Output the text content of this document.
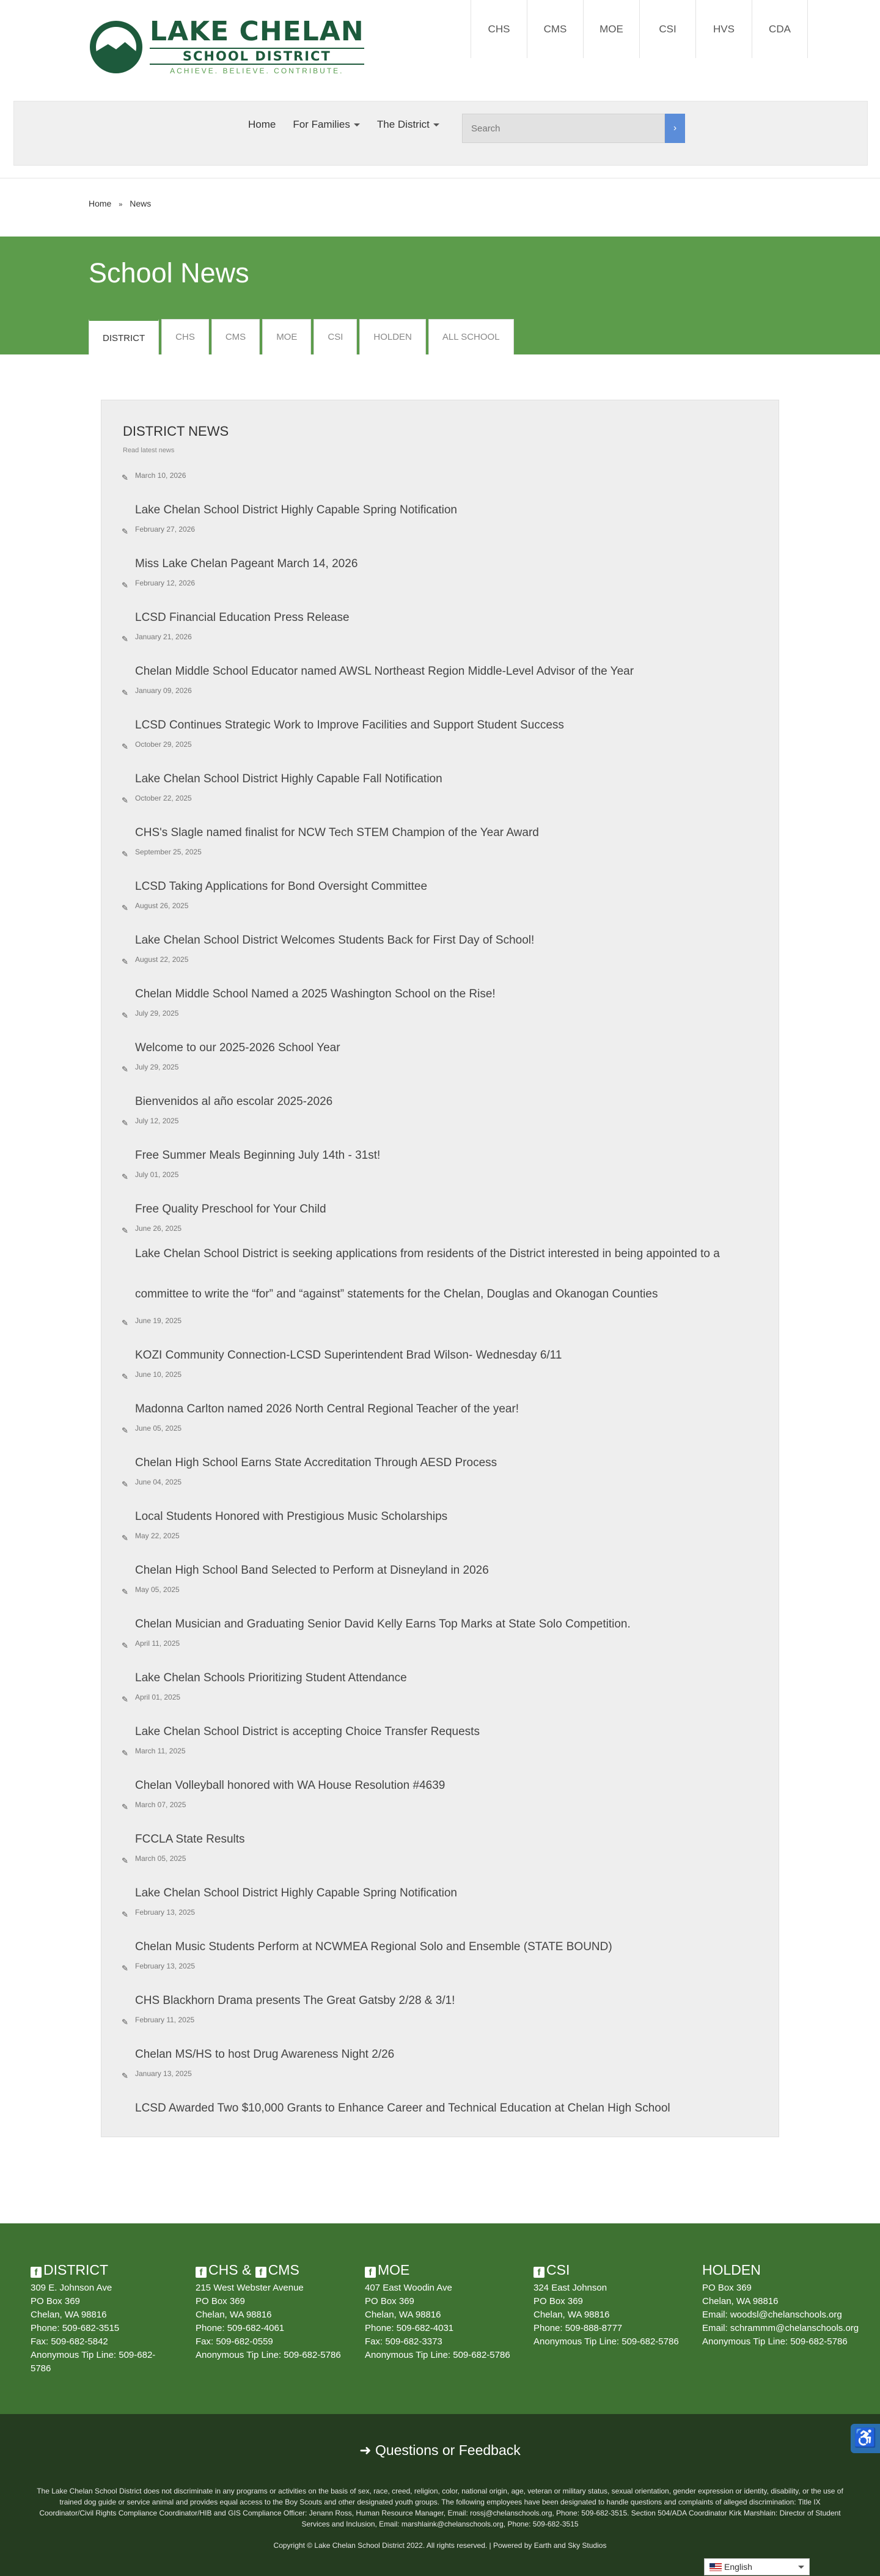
LAKE CHELAN
SCHOOL DISTRICT
ACHIEVE. BELIEVE. CONTRIBUTE.
CHS	CMS	MOE	CSI	HVS	CDA
Home For Families	The District
Search	›
Home » News
School News
DISTRICT	CHS	CMS	MOE	CSI	HOLDEN	ALL SCHOOL
DISTRICT NEWS
Read latest news
✎ March 10, 2026
Lake Chelan School District Highly Capable Spring Notification
✎ February 27, 2026
Miss Lake Chelan Pageant March 14, 2026
✎ February 12, 2026
LCSD Financial Education Press Release
✎ January 21, 2026
Chelan Middle School Educator named AWSL Northeast Region Middle-Level Advisor of the Year
✎ January 09, 2026
LCSD Continues Strategic Work to Improve Facilities and Support Student Success
✎ October 29, 2025
Lake Chelan School District Highly Capable Fall Notification
✎ October 22, 2025
CHS's Slagle named finalist for NCW Tech STEM Champion of the Year Award
✎ September 25, 2025
LCSD Taking Applications for Bond Oversight Committee
✎ August 26, 2025
Lake Chelan School District Welcomes Students Back for First Day of School!
✎ August 22, 2025
Chelan Middle School Named a 2025 Washington School on the Rise!
✎ July 29, 2025
Welcome to our 2025-2026 School Year
✎ July 29, 2025
Bienvenidos al año escolar 2025-2026
✎ July 12, 2025
Free Summer Meals Beginning July 14th - 31st!
✎ July 01, 2025
Free Quality Preschool for Your Child
✎ June 26, 2025
Lake Chelan School District is seeking applications from residents of the District interested in being appointed to a committee to write the “for” and “against” statements for the Chelan, Douglas and Okanogan Counties
✎ June 19, 2025
KOZI Community Connection-LCSD Superintendent Brad Wilson- Wednesday 6/11
✎ June 10, 2025
Madonna Carlton named 2026 North Central Regional Teacher of the year!
✎ June 05, 2025
Chelan High School Earns State Accreditation Through AESD Process
✎ June 04, 2025
Local Students Honored with Prestigious Music Scholarships
✎ May 22, 2025
Chelan High School Band Selected to Perform at Disneyland in 2026
✎ May 05, 2025
Chelan Musician and Graduating Senior David Kelly Earns Top Marks at State Solo Competition.
✎ April 11, 2025
Lake Chelan Schools Prioritizing Student Attendance
✎ April 01, 2025
Lake Chelan School District is accepting Choice Transfer Requests
✎ March 11, 2025
Chelan Volleyball honored with WA House Resolution #4639
✎ March 07, 2025
FCCLA State Results
✎ March 05, 2025
Lake Chelan School District Highly Capable Spring Notification
✎ February 13, 2025
Chelan Music Students Perform at NCWMEA Regional Solo and Ensemble (STATE BOUND)
✎ February 13, 2025
CHS Blackhorn Drama presents The Great Gatsby 2/28 & 3/1!
✎ February 11, 2025
Chelan MS/HS to host Drug Awareness Night 2/26
✎ January 13, 2025
LCSD Awarded Two $10,000 Grants to Enhance Career and Technical Education at Chelan High School
f DISTRICT
309 E. Johnson Ave
PO Box 369
Chelan, WA 98816
Phone: 509-682-3515
Fax: 509-682-5842
Anonymous Tip Line: 509-682-
5786
f CHS & f CMS
215 West Webster Avenue
PO Box 369
Chelan, WA 98816
Phone: 509-682-4061
Fax: 509-682-0559
Anonymous Tip Line: 509-682-5786
f MOE
407 East Woodin Ave
PO Box 369
Chelan, WA 98816
Phone: 509-682-4031
Fax: 509-682-3373
Anonymous Tip Line: 509-682-5786
f CSI
324 East Johnson
PO Box 369
Chelan, WA 98816
Phone: 509-888-8777
Anonymous Tip Line: 509-682-5786
HOLDEN
PO Box 369
Chelan, WA 98816
Email: woodsl@chelanschools.org
Email: schrammm@chelanschools.org
Anonymous Tip Line: 509-682-5786
➜ Questions or Feedback
The Lake Chelan School District does not discriminate in any programs or activities on the basis of sex, race, creed, religion, color, national origin, age, veteran or military status, sexual orientation, gender expression or identity, disability, or the use of trained dog guide or service animal and provides equal access to the Boy Scouts and other designated youth groups. The following employees have been designated to handle questions and complaints of alleged discrimination: Title IX Coordinator/Civil Rights Compliance Coordinator/HIB and GIS Compliance Officer: Jenann Ross, Human Resource Manager, Email: rossj@chelanschools.org, Phone: 509-682-3515. Section 504/ADA Coordinator Kirk Marshlain: Director of Student Services and Inclusion, Email: marshlaink@chelanschools.org, Phone: 509-682-3515
Copyright © Lake Chelan School District 2022. All rights reserved. | Powered by Earth and Sky Studios
♿
English
